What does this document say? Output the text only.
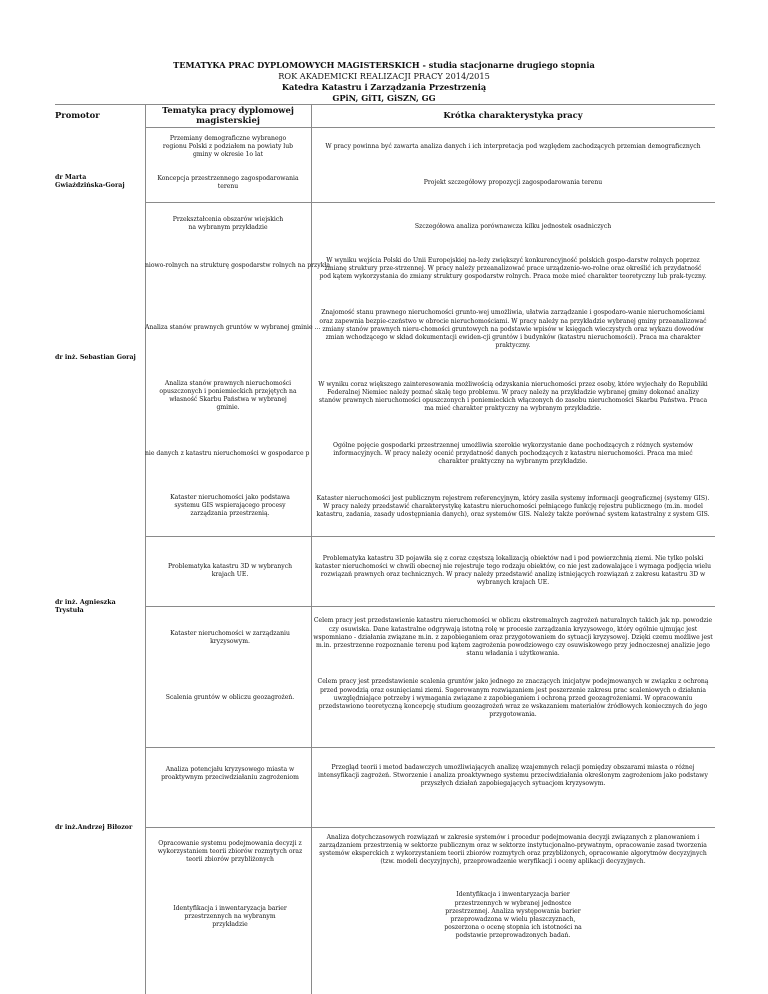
TEMATYKA PRAC DYPLOMOWYCH MAGISTERSKICH - studia stacjonarne drugiego stopnia
ROK AKADEMICKI REALIZACJI PRACY 2014/2015
Katedra Katastru i Zarządzania Przestrzenią
GPiN, GiTI, GiSZN, GG
Promotor
Tematyka pracy dyplomowej magisterskiej
Krótka charakterystyka pracy
dr Marta Gwiaździńska-Goraj
dr inż. Sebastian Goraj
dr inż. Agnieszka Trystuła
dr inż.Andrzej Biłozor
Przemiany demograficzne wybranego regionu Polski z podziałem na powiaty lub gminy w okresie 1o lat
W pracy powinna być zawarta analiza danych i ich interpretacja pod względem zachodzących przemian demograficznych
Koncepcja przestrzennego zagospodarowania terenu
Projekt szczegółowy propozycji zagospodarowania terenu
Przekształcenia obszarów wiejskich na wybranym przykładzie	Szczegółowa analiza porównawcza kilku jednostek osadniczych
niowo-rolnych na strukturę gospodarstw rolnych na przykła
W wyniku wejścia Polski do Unii Europejskiej na-leży zwiększyć konkurencyjność polskich gospo-darstw rolnych poprzez zmianę struktury prze-strzennej. W pracy należy przeanalizować prace urządzenio-wo-rolne oraz określić ich przydatność pod kątem wykorzystania do zmiany struktury gospodarstw rolnych. Praca może mieć charakter teoretyczny lub prak-tyczny.
Analiza stanów prawnych gruntów w wybranej gminie ...
Znajomość stanu prawnego nieruchomości grunto-wej umożliwia, ułatwia zarządzanie i gospodaro-wanie nieruchomościami oraz zapewnia bezpie-czeństwo w obrocie nieruchomościami. W pracy należy na przykładzie wybranej gminy przeanalizować zmiany stanów prawnych nieru-chomości gruntowych na podstawie wpisów w księgach wieczystych oraz wykazu dowodów zmian wchodzącego w skład dokumentacji ewiden-cji gruntów i budynków (katastru nieruchomości). Praca ma charakter praktyczny.
Analiza stanów prawnych nieruchomości opuszczonych i poniemieckich przejętych na własność Skarbu Państwa w wybranej gminie.
W wyniku coraz większego zainteresowania możliwością odzyskania nieruchomości przez osoby, które wyjechały do Republiki Federalnej Niemiec należy poznać skalę tego problemu. W pracy należy na przykładzie wybranej gminy dokonać analizy stanów prawnych nieruchomości opuszczonych i poniemieckich włączonych do zasobu nieruchomości Skarbu Państwa. Praca ma mieć charakter praktyczny na wybranym przykładzie.
nie danych z katastru nieruchomości w gospodarce p
Ogólne pojęcie gospodarki przestrzennej umożliwia szerokie wykorzystanie dane pochodzących z różnych systemów informacyjnych. W pracy należy ocenić przydatność danych pochodzących z katastru nieruchomości. Praca ma mieć charakter praktyczny na wybranym przykładzie.
Kataster nieruchomości jako podstawa systemu GIS wspierającego procesy zarządzania przestrzenią.
Kataster nieruchomości jest publicznym rejestrem referencyjnym, który zasila systemy informacji geograficznej (systemy GIS). W pracy należy przedstawić charakterystykę katastru nieruchomości pełniącego funkcję rejestru publicznego (m.in. model katastru, zadania, zasady udostępniania danych), oraz systemów GIS. Należy także porównać system katastralny z system GIS.
Problematyka katastru 3D w wybranych krajach UE.
Problematyka katastru 3D pojawiła się z coraz częstszą lokalizacją obiektów nad i pod powierzchnią ziemi. Nie tylko polski kataster nieruchomości w chwili obecnej nie rejestruje tego rodzaju obiektów, co nie jest zadowalające i wymaga podjęcia wielu rozwiązań prawnych oraz technicznych. W pracy należy przedstawić analizę istniejących rozwiązań z zakresu katastru 3D w wybranych krajach UE.
Kataster nieruchomości w zarządzaniu kryzysowym.
Celem pracy jest przedstawienie katastru nieruchomości w obliczu ekstremalnych zagrożeń naturalnych takich jak np. powodzie czy osuwiska. Dane katastralne odgrywają istotną rolę w procesie zarządzania kryzysowego, który ogólnie ujmując jest wspomniano - działania związane m.in. z zapobieganiem oraz przygotowaniem do sytuacji kryzysowej. Dzięki czemu możliwe jest m.in. przestrzenne rozpoznanie terenu pod kątem zagrożenia powodziowego czy osuwiskowego przy jednoczesnej analizie jego stanu władania i użytkowania.
Scalenia gruntów w obliczu geozagrożeń.
Celem pracy jest przedstawienie scalenia gruntów jako jednego ze znaczących inicjatyw podejmowanych w związku z ochroną przed powodzią oraz osunięciami ziemi. Sugerowanym rozwiązaniem jest poszerzenie zakresu prac scaleniowych o działania uwzględniające potrzeby i wymagania związane z zapobieganiem i ochroną przed geozagrożeniami. W opracowaniu przedstawiono teoretyczną koncepcję studium geozagrożeń wraz ze wskazaniem materiałów źródłowych koniecznych do jego przygotowania.
Analiza potencjału kryzysowego miasta w proaktywnym przeciwdziałaniu zagrożeniom
Przegląd teorii i metod badawczych umożliwiających analizę wzajemnych relacji pomiędzy obszarami miasta o różnej intensyfikacji zagrożeń. Stworzenie i analiza proaktywnego systemu przeciwdziałania określonym zagrożeniom jako podstawy przyszłych działań zapobiegających sytuacjom kryzysowym.
Opracowanie systemu podejmowania decyzji z wykorzystaniem teorii zbiorów rozmytych oraz teorii zbiorów przybliżonych
Analiza dotychczasowych rozwiązań w zakresie systemów i procedur podejmowania decyzji związanych z planowaniem i zarządzaniem przestrzenią w sektorze publicznym oraz w sektorze instytucjonalno-prywatnym, opracowanie zasad tworzenia systemów eksperckich z wykorzystaniem teorii zbiorów rozmytych oraz przybliżonych, opracowanie algorytmów decyzyjnych (tzw. modeli decyzyjnych), przeprowadzenie weryfikacji i oceny aplikacji decyzyjnych.
Identyfikacja i inwentaryzacja barier przestrzennych na wybranym przykładzie
Identyfikacja i inwentaryzacja barier przestrzennych w wybranej jednostce przestrzennej. Analiza występowania barier przeprowadzona w wielu płaszczyznach, poszerzona o ocenę stopnia ich istotności na podstawie przeprowadzonych badań.
